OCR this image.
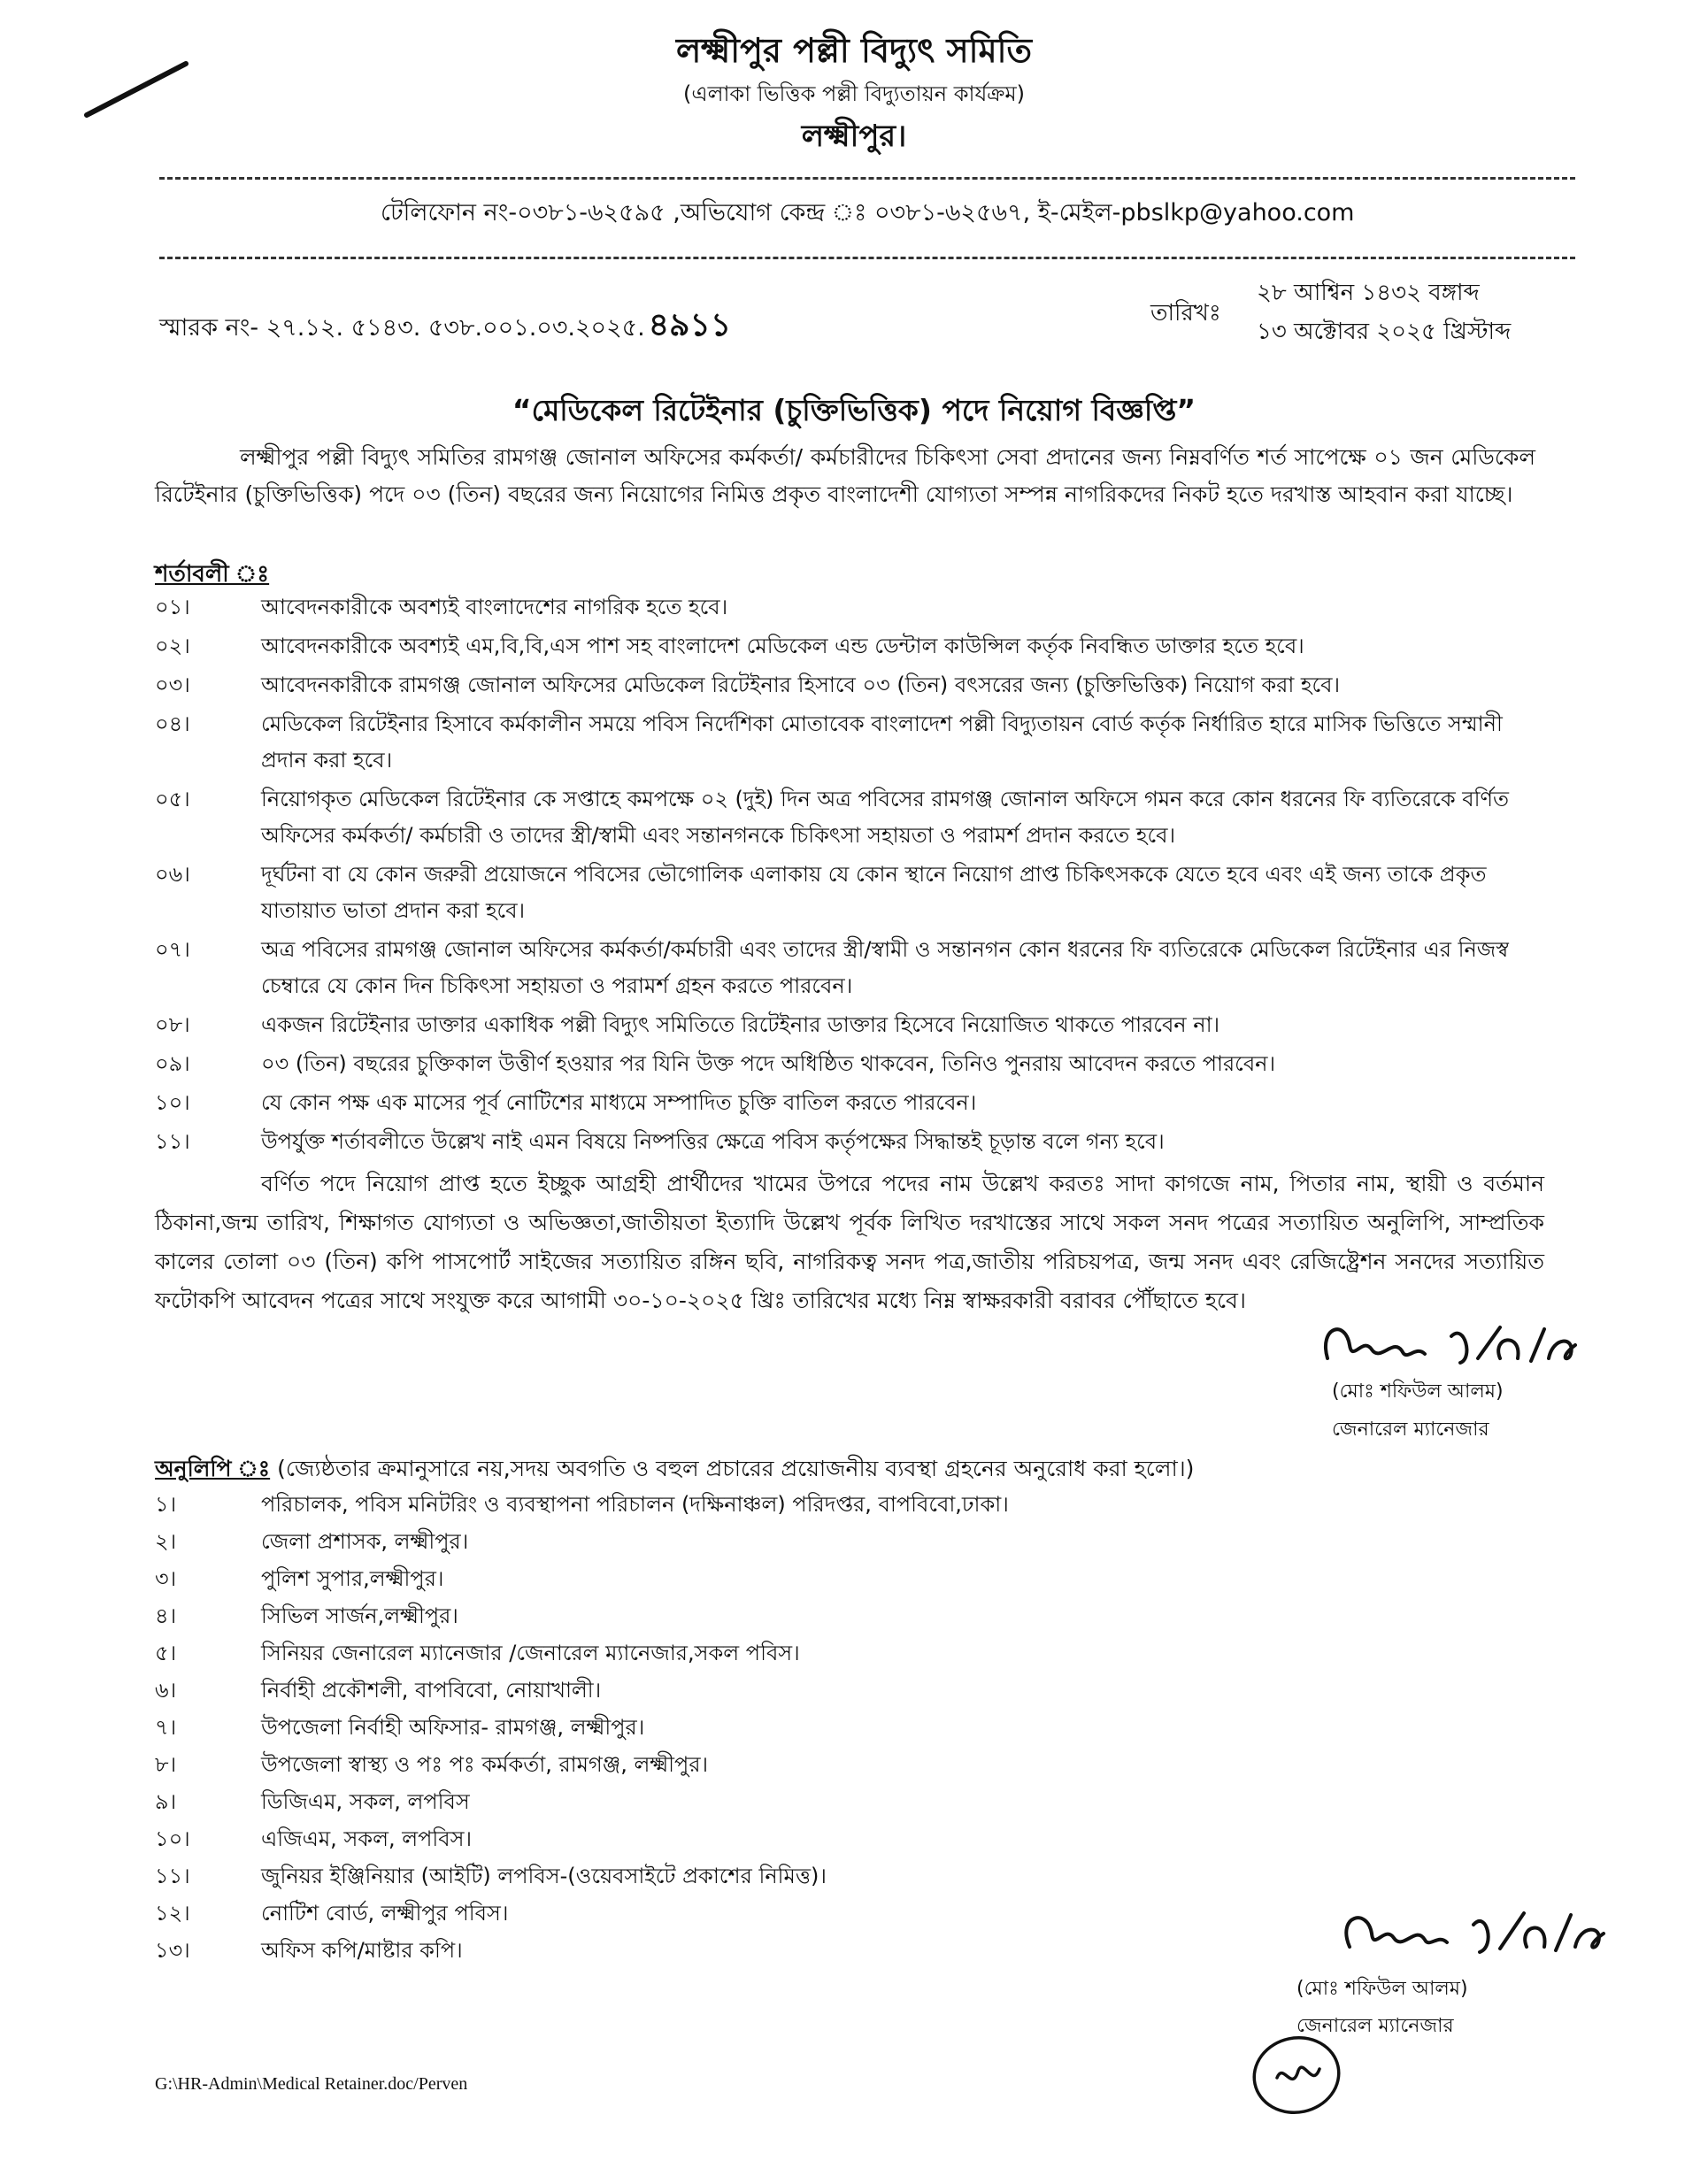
লক্ষ্মীপুর পল্লী বিদ্যুৎ সমিতি
(এলাকা ভিত্তিক পল্লী বিদ্যুতায়ন কার্যক্রম)
লক্ষ্মীপুর।
টেলিফোন নং-০৩৮১-৬২৫৯৫ ,অভিযোগ কেন্দ্র ঃ ০৩৮১-৬২৫৬৭, ই-মেইল-pbslkp@yahoo.com
স্মারক নং- ২৭.১২. ৫১৪৩. ৫৩৮.০০১.০৩.২০২৫. ৪৯১১	তারিখঃ
২৮ আশ্বিন ১৪৩২ বঙ্গাব্দ
১৩ অক্টোবর ২০২৫ খ্রিস্টাব্দ
“মেডিকেল রিটেইনার (চুক্তিভিত্তিক) পদে নিয়োগ বিজ্ঞপ্তি”
লক্ষ্মীপুর পল্লী বিদ্যুৎ সমিতির রামগঞ্জ জোনাল অফিসের কর্মকর্তা/ কর্মচারীদের চিকিৎসা সেবা প্রদানের জন্য নিম্নবর্ণিত শর্ত সাপেক্ষে ০১ জন মেডিকেল রিটেইনার (চুক্তিভিত্তিক) পদে ০৩ (তিন) বছরের জন্য নিয়োগের নিমিত্ত প্রকৃত বাংলাদেশী যোগ্যতা সম্পন্ন নাগরিকদের নিকট হতে দরখাস্ত আহবান করা যাচ্ছে।
শর্তাবলী ঃ
০১।	আবেদনকারীকে অবশ্যই বাংলাদেশের নাগরিক হতে হবে।
০২।	আবেদনকারীকে অবশ্যই এম,বি,বি,এস পাশ সহ বাংলাদেশ মেডিকেল এন্ড ডেন্টাল কাউন্সিল কর্তৃক নিবন্ধিত ডাক্তার হতে হবে।
০৩।	আবেদনকারীকে রামগঞ্জ জোনাল অফিসের মেডিকেল রিটেইনার হিসাবে ০৩ (তিন) বৎসরের জন্য (চুক্তিভিত্তিক) নিয়োগ করা হবে।
০৪।	মেডিকেল রিটেইনার হিসাবে কর্মকালীন সময়ে পবিস নির্দেশিকা মোতাবেক বাংলাদেশ পল্লী বিদ্যুতায়ন বোর্ড কর্তৃক নির্ধারিত হারে মাসিক ভিত্তিতে সম্মানী প্রদান করা হবে।
০৫।	নিয়োগকৃত মেডিকেল রিটেইনার কে সপ্তাহে কমপক্ষে ০২ (দুই) দিন অত্র পবিসের রামগঞ্জ জোনাল অফিসে গমন করে কোন ধরনের ফি ব্যতিরেকে বর্ণিত অফিসের কর্মকর্তা/ কর্মচারী ও তাদের স্ত্রী/স্বামী এবং সন্তানগনকে চিকিৎসা সহায়তা ও পরামর্শ প্রদান করতে হবে।
০৬।	দূর্ঘটনা বা যে কোন জরুরী প্রয়োজনে পবিসের ভৌগোলিক এলাকায় যে কোন স্থানে নিয়োগ প্রাপ্ত চিকিৎসককে যেতে হবে এবং এই জন্য তাকে প্রকৃত যাতায়াত ভাতা প্রদান করা হবে।
০৭।	অত্র পবিসের রামগঞ্জ জোনাল অফিসের কর্মকর্তা/কর্মচারী এবং তাদের স্ত্রী/স্বামী ও সন্তানগন কোন ধরনের ফি ব্যতিরেকে মেডিকেল রিটেইনার এর নিজস্ব চেম্বারে যে কোন দিন চিকিৎসা সহায়তা ও পরামর্শ গ্রহন করতে পারবেন।
০৮।	একজন রিটেইনার ডাক্তার একাধিক পল্লী বিদ্যুৎ সমিতিতে রিটেইনার ডাক্তার হিসেবে নিয়োজিত থাকতে পারবেন না।
০৯।	০৩ (তিন) বছরের চুক্তিকাল উত্তীর্ণ হওয়ার পর যিনি উক্ত পদে অধিষ্ঠিত থাকবেন, তিনিও পুনরায় আবেদন করতে পারবেন।
১০।	যে কোন পক্ষ এক মাসের পূর্ব নোটিশের মাধ্যমে সম্পাদিত চুক্তি বাতিল করতে পারবেন।
১১।	উপর্যুক্ত শর্তাবলীতে উল্লেখ নাই এমন বিষয়ে নিষ্পত্তির ক্ষেত্রে পবিস কর্তৃপক্ষের সিদ্ধান্তই চূড়ান্ত বলে গন্য হবে।
বর্ণিত পদে নিয়োগ প্রাপ্ত হতে ইচ্ছুক আগ্রহী প্রার্থীদের খামের উপরে পদের নাম উল্লেখ করতঃ সাদা কাগজে নাম, পিতার নাম, স্থায়ী ও বর্তমান ঠিকানা,জন্ম তারিখ, শিক্ষাগত যোগ্যতা ও অভিজ্ঞতা,জাতীয়তা ইত্যাদি উল্লেখ পূর্বক লিখিত দরখাস্তের সাথে সকল সনদ পত্রের সত্যায়িত অনুলিপি, সাম্প্রতিক কালের তোলা ০৩ (তিন) কপি পাসপোর্ট সাইজের সত্যায়িত রঙ্গিন ছবি, নাগরিকত্ব সনদ পত্র,জাতীয় পরিচয়পত্র, জন্ম সনদ এবং রেজিষ্ট্রেশন সনদের সত্যায়িত ফটোকপি আবেদন পত্রের সাথে সংযুক্ত করে আগামী ৩০-১০-২০২৫ খ্রিঃ তারিখের মধ্যে নিম্ন স্বাক্ষরকারী বরাবর পৌঁছাতে হবে।
(মোঃ শফিউল আলম)
জেনারেল ম্যানেজার
অনুলিপি ঃ (জ্যেষ্ঠতার ক্রমানুসারে নয়,সদয় অবগতি ও বহুল প্রচারের প্রয়োজনীয় ব্যবস্থা গ্রহনের অনুরোধ করা হলো।)
১।	পরিচালক, পবিস মনিটরিং ও ব্যবস্থাপনা পরিচালন (দক্ষিনাঞ্চল) পরিদপ্তর, বাপবিবো,ঢাকা।
২।	জেলা প্রশাসক, লক্ষ্মীপুর।
৩।	পুলিশ সুপার,লক্ষ্মীপুর।
৪।	সিভিল সার্জন,লক্ষ্মীপুর।
৫।	সিনিয়র জেনারেল ম্যানেজার /জেনারেল ম্যানেজার,সকল পবিস।
৬।	নির্বাহী প্রকৌশলী, বাপবিবো, নোয়াখালী।
৭।	উপজেলা নির্বাহী অফিসার- রামগঞ্জ, লক্ষ্মীপুর।
৮।	উপজেলা স্বাস্থ্য ও পঃ পঃ কর্মকর্তা, রামগঞ্জ, লক্ষ্মীপুর।
৯।	ডিজিএম, সকল, লপবিস
১০।	এজিএম, সকল, লপবিস।
১১।	জুনিয়র ইঞ্জিনিয়ার (আইটি) লপবিস-(ওয়েবসাইটে প্রকাশের নিমিত্ত)।
১২।	নোটিশ বোর্ড, লক্ষ্মীপুর পবিস।
১৩।	অফিস কপি/মাষ্টার কপি।
(মোঃ শফিউল আলম)
জেনারেল ম্যানেজার
G:\HR-Admin\Medical Retainer.doc/Perven
